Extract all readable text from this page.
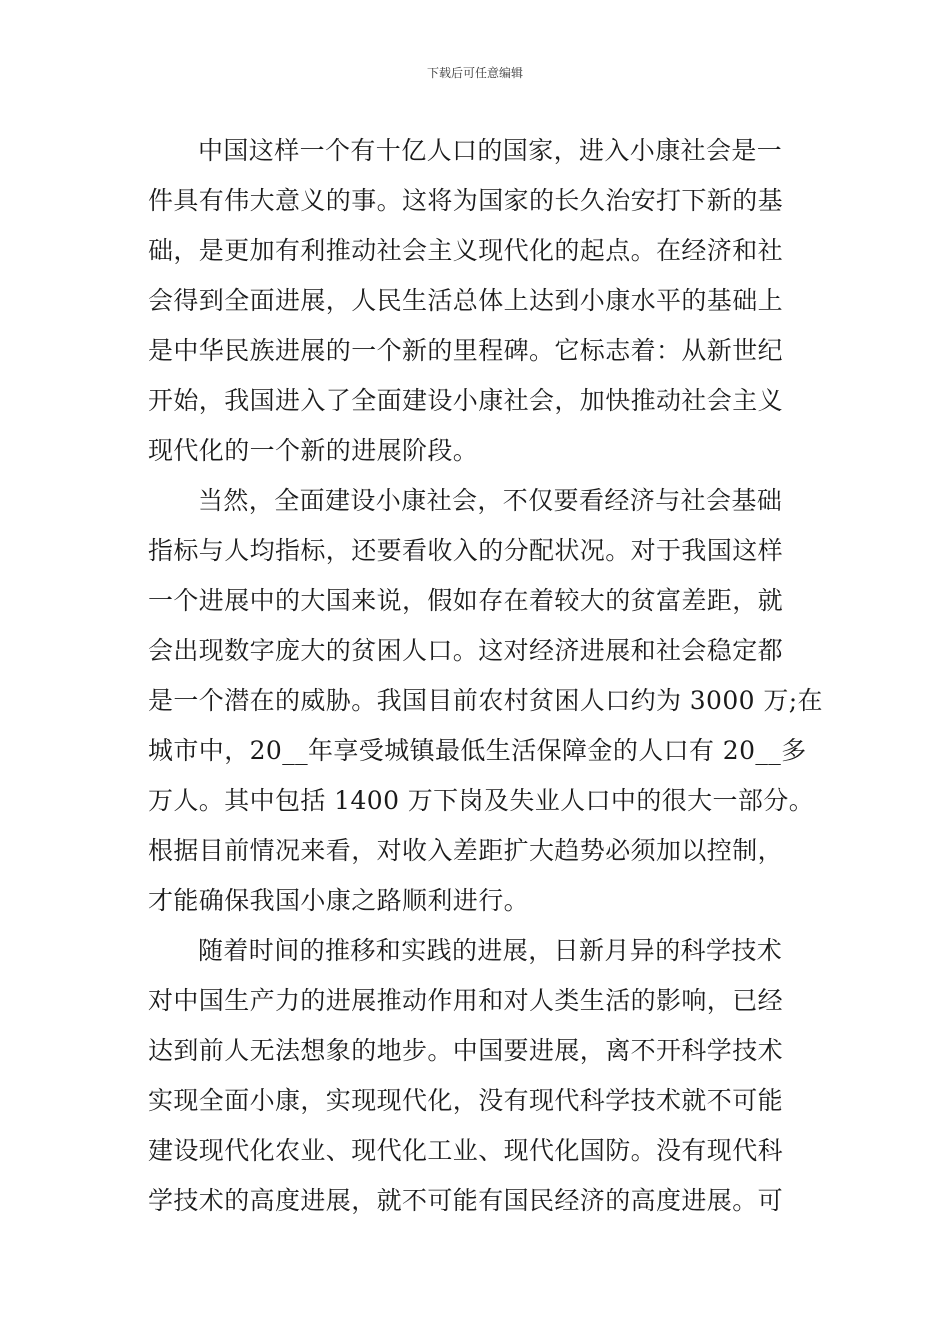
下载后可任意编辑
中国这样一个有十亿人口的国家，进入小康社会是一
件具有伟大意义的事。这将为国家的长久治安打下新的基
础，是更加有利推动社会主义现代化的起点。在经济和社
会得到全面进展，人民生活总体上达到小康水平的基础上
是中华民族进展的一个新的里程碑。它标志着：从新世纪
开始，我国进入了全面建设小康社会，加快推动社会主义
现代化的一个新的进展阶段。
当然，全面建设小康社会，不仅要看经济与社会基础
指标与人均指标，还要看收入的分配状况。对于我国这样
一个进展中的大国来说，假如存在着较大的贫富差距，就
会出现数字庞大的贫困人口。这对经济进展和社会稳定都
是一个潜在的威胁。我国目前农村贫困人口约为 3000 万;在
城市中，20__年享受城镇最低生活保障金的人口有 20__多
万人。其中包括 1400 万下岗及失业人口中的很大一部分。
根据目前情况来看，对收入差距扩大趋势必须加以控制，
才能确保我国小康之路顺利进行。
随着时间的推移和实践的进展，日新月异的科学技术
对中国生产力的进展推动作用和对人类生活的影响，已经
达到前人无法想象的地步。中国要进展，离不开科学技术
实现全面小康，实现现代化，没有现代科学技术就不可能
建设现代化农业、现代化工业、现代化国防。没有现代科
学技术的高度进展，就不可能有国民经济的高度进展。可
